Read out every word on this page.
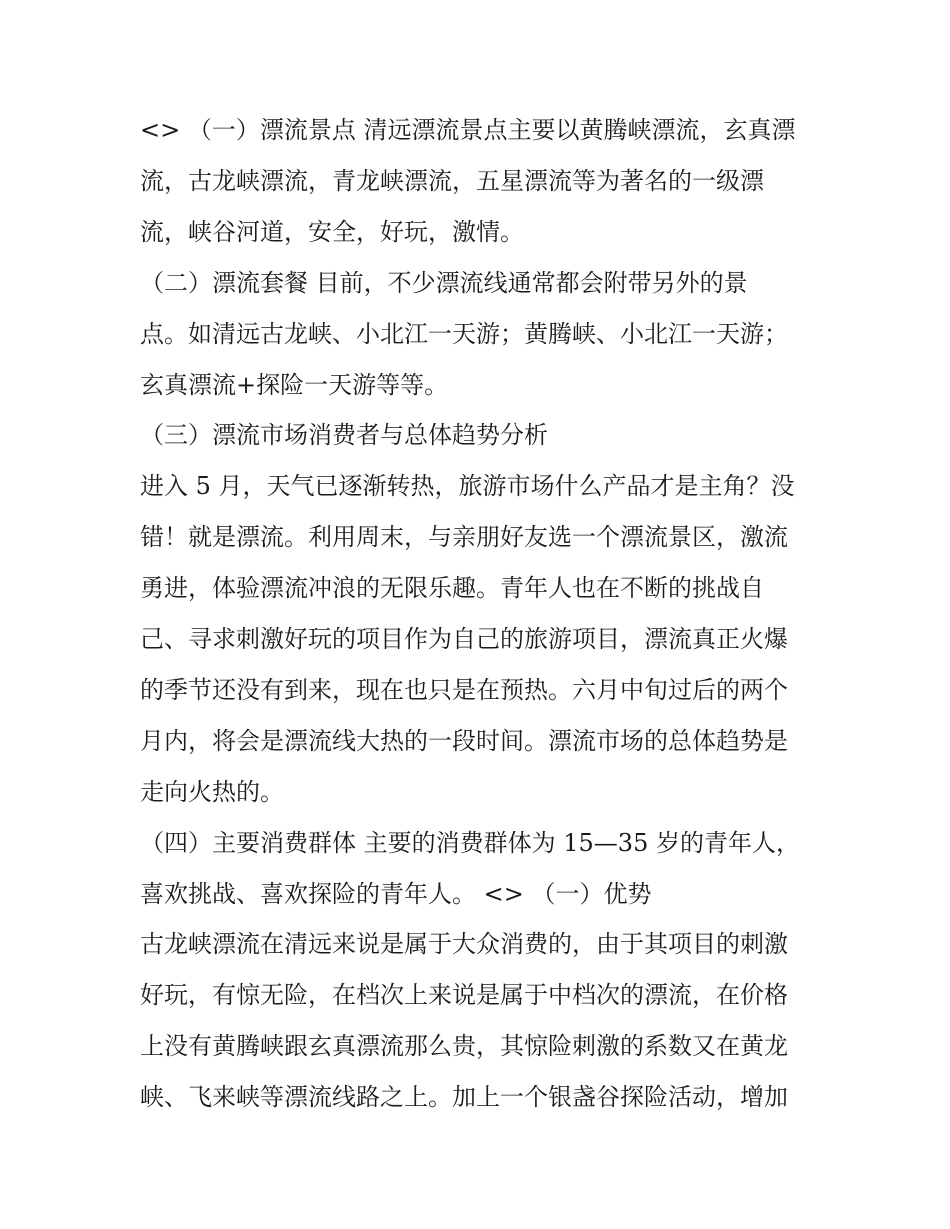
<> （一）漂流景点 清远漂流景点主要以黄腾峡漂流，玄真漂
流，古龙峡漂流，青龙峡漂流，五星漂流等为著名的一级漂
流，峡谷河道，安全，好玩，激情。
（二）漂流套餐 目前，不少漂流线通常都会附带另外的景
点。如清远古龙峡、小北江一天游；黄腾峡、小北江一天游；
玄真漂流+探险一天游等等。
（三）漂流市场消费者与总体趋势分析
进入 5 月，天气已逐渐转热，旅游市场什么产品才是主角？没
错！就是漂流。利用周末，与亲朋好友选一个漂流景区，激流
勇进，体验漂流冲浪的无限乐趣。青年人也在不断的挑战自
己、寻求刺激好玩的项目作为自己的旅游项目，漂流真正火爆
的季节还没有到来，现在也只是在预热。六月中旬过后的两个
月内，将会是漂流线大热的一段时间。漂流市场的总体趋势是
走向火热的。
（四）主要消费群体 主要的消费群体为 15—35 岁的青年人，
喜欢挑战、喜欢探险的青年人。 <> （一）优势
古龙峡漂流在清远来说是属于大众消费的，由于其项目的刺激
好玩，有惊无险，在档次上来说是属于中档次的漂流，在价格
上没有黄腾峡跟玄真漂流那么贵，其惊险刺激的系数又在黄龙
峡、飞来峡等漂流线路之上。加上一个银盏谷探险活动，增加
